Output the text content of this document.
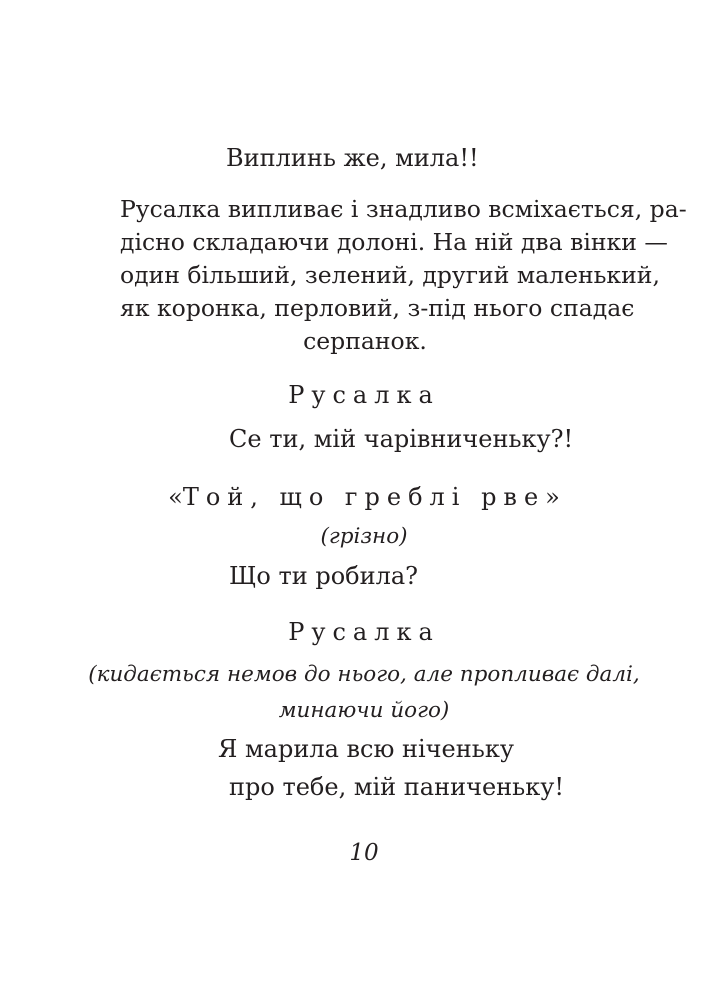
Виплинь же, мила!!

Русалка випливає і знадливо всміхається, ра-

дісно складаючи долоні. На ній два вінки —

один більший, зелений, другий маленький,

як коронка, перловий, з-під нього спадає

серпанок.

Русалка

Се ти, мій чарівниченьку?!

«Той, що греблі рве»

(грізно)

Що ти робила?

Русалка

(кидається немов до нього, але пропливає далі,

минаючи його)

Я марила всю ніченьку

про тебе, мій паниченьку!

10
